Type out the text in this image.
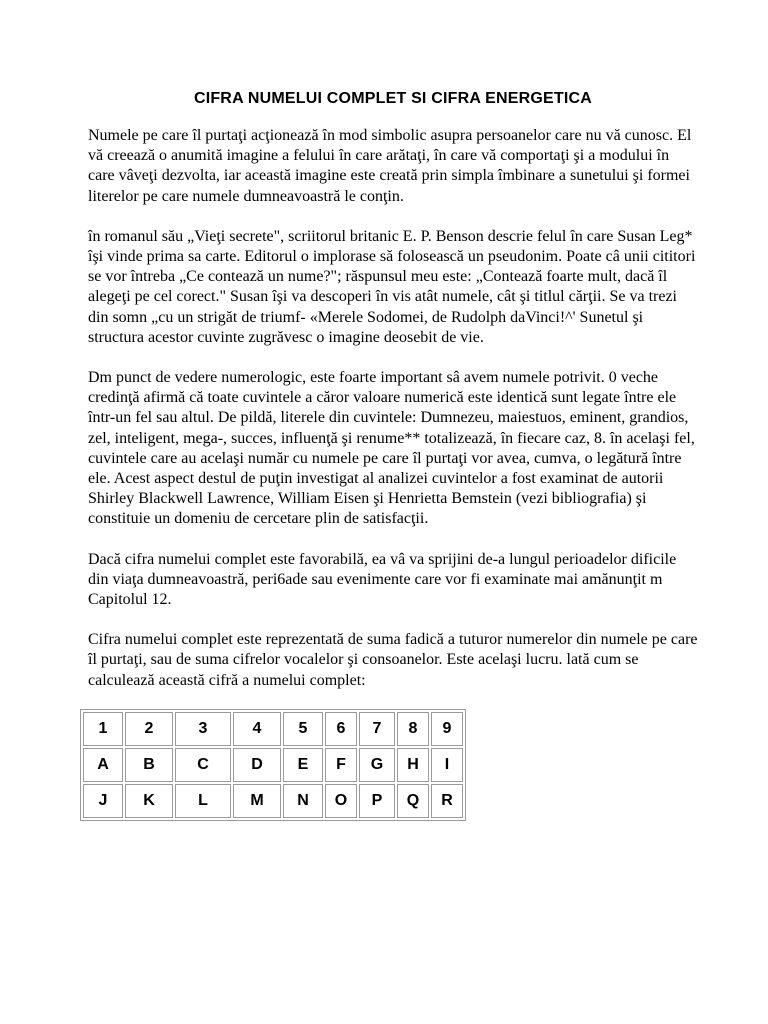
CIFRA NUMELUI COMPLET SI CIFRA ENERGETICA

Numele pe care îl purtaţi acţionează în mod simbolic asupra persoanelor care nu vă cunosc. El vă creează o anumită imagine a felului în care arătaţi, în care vă comportaţi şi a modului în care vâveţi dezvolta, iar această imagine este creată prin simpla îmbinare a sunetului şi formei literelor pe care numele dumneavoastră le conţin.

în romanul său „Vieţi secrete", scriitorul britanic E. P. Benson descrie felul în care Susan Leg* îşi vinde prima sa carte. Editorul o implorase să folosească un pseudonim. Poate câ unii cititori se vor întreba „Ce contează un nume?"; răspunsul meu este: „Contează foarte mult, dacă îl alegeţi pe cel corect." Susan îşi va descoperi în vis atât numele, cât şi titlul cărţii. Se va trezi din somn „cu un strigăt de triumf- «Merele Sodomei, de Rudolph daVinci!^' Sunetul şi structura acestor cuvinte zugrăvesc o imagine deosebit de vie.

Dm punct de vedere numerologic, este foarte important sâ avem numele potrivit. 0 veche credinţă afirmă că toate cuvintele a căror valoare numerică este identică sunt legate între ele într-un fel sau altul. De pildă, literele din cuvintele: Dumnezeu, maiestuos, eminent, grandios, zel, inteligent, mega-, succes, influenţă şi renume** totalizează, în fiecare caz, 8. în acelaşi fel, cuvintele care au acelaşi număr cu numele pe care îl purtaţi vor avea, cumva, o legătură între ele. Acest aspect destul de puţin investigat al analizei cuvintelor a fost examinat de autorii Shirley Blackwell Lawrence, William Eisen şi Henrietta Bemstein (vezi bibliografia) şi constituie un domeniu de cercetare plin de satisfacţii.

Dacă cifra numelui complet este favorabilă, ea vâ va sprijini de-a lungul perioadelor dificile din viaţa dumneavoastră, peri6ade sau evenimente care vor fi examinate mai amănunţit m Capitolul 12.

Cifra numelui complet este reprezentată de suma fadică a tuturor numerelor din numele pe care îl purtaţi, sau de suma cifrelor vocalelor şi consoanelor. Este acelaşi lucru. lată cum se calculează această cifră a numelui complet:

1	2	3	4	5	6	7	8	9
A	B	C	D	E	F	G	H	I
J	K	L	M	N	O	P	Q	R
